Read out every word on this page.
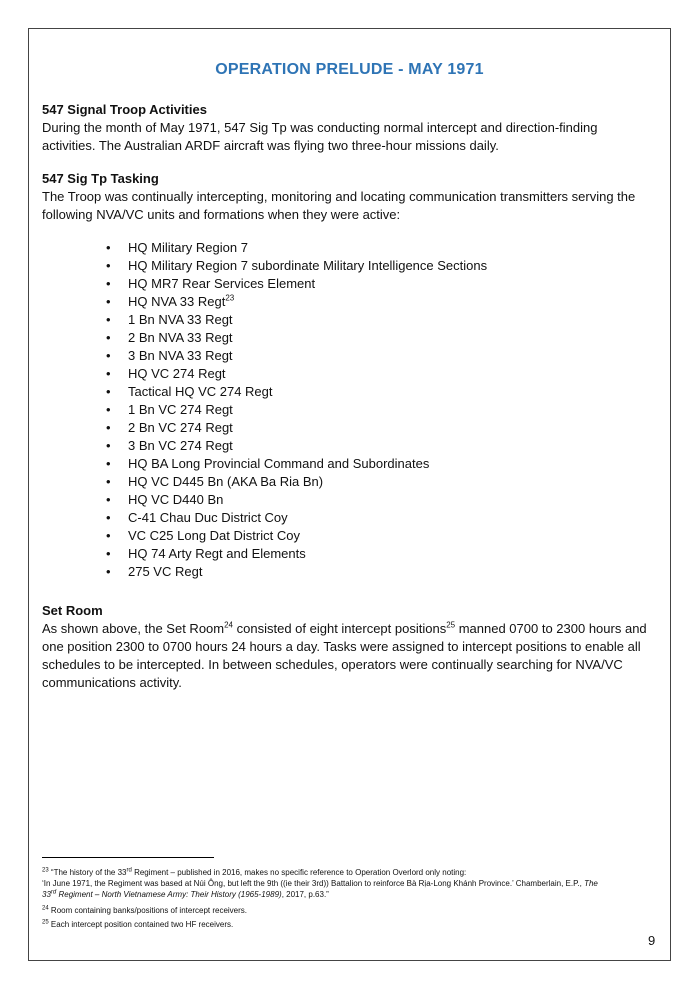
OPERATION PRELUDE - MAY 1971
547 Signal Troop Activities
During the month of May 1971, 547 Sig Tp was conducting normal intercept and direction-finding
activities. The Australian ARDF aircraft was flying two three-hour missions daily.
547 Sig Tp Tasking
The Troop was continually intercepting, monitoring and locating communication transmitters serving the
following NVA/VC units and formations when they were active:
• HQ Military Region 7
• HQ Military Region 7 subordinate Military Intelligence Sections
• HQ MR7 Rear Services Element
• HQ NVA 33 Regt$^{23}$
• 1 Bn NVA 33 Regt
• 2 Bn NVA 33 Regt
• 3 Bn NVA 33 Regt
• HQ VC 274 Regt
• Tactical HQ VC 274 Regt
• 1 Bn VC 274 Regt
• 2 Bn VC 274 Regt
• 3 Bn VC 274 Regt
• HQ BA Long Provincial Command and Subordinates
• HQ VC D445 Bn (AKA Ba Ria Bn)
• HQ VC D440 Bn
• C-41 Chau Duc District Coy
• VC C25 Long Dat District Coy
• HQ 74 Arty Regt and Elements
• 275 VC Regt
Set Room
As shown above, the Set Room$^{24}$ consisted of eight intercept positions$^{25}$ manned 0700 to 2300 hours and
one position 2300 to 0700 hours 24 hours a day. Tasks were assigned to intercept positions to enable all
schedules to be intercepted. In between schedules, operators were continually searching for NVA/VC
communications activity.
$^{23}$ “The history of the 33rd Regiment – published in 2016, makes no specific reference to Operation Overlord only noting:
‘In June 1971, the Regiment was based at Núi Ông, but left the 9th ((ie their 3rd)) Battalion to reinforce Bà Rịa-Long Khánh Province.’ Chamberlain, E.P., The
33rd Regiment – North Vietnamese Army: Their History (1965-1989), 2017, p.63.”
$^{24}$ Room containing banks/positions of intercept receivers.
$^{25}$ Each intercept position contained two HF receivers.
9
